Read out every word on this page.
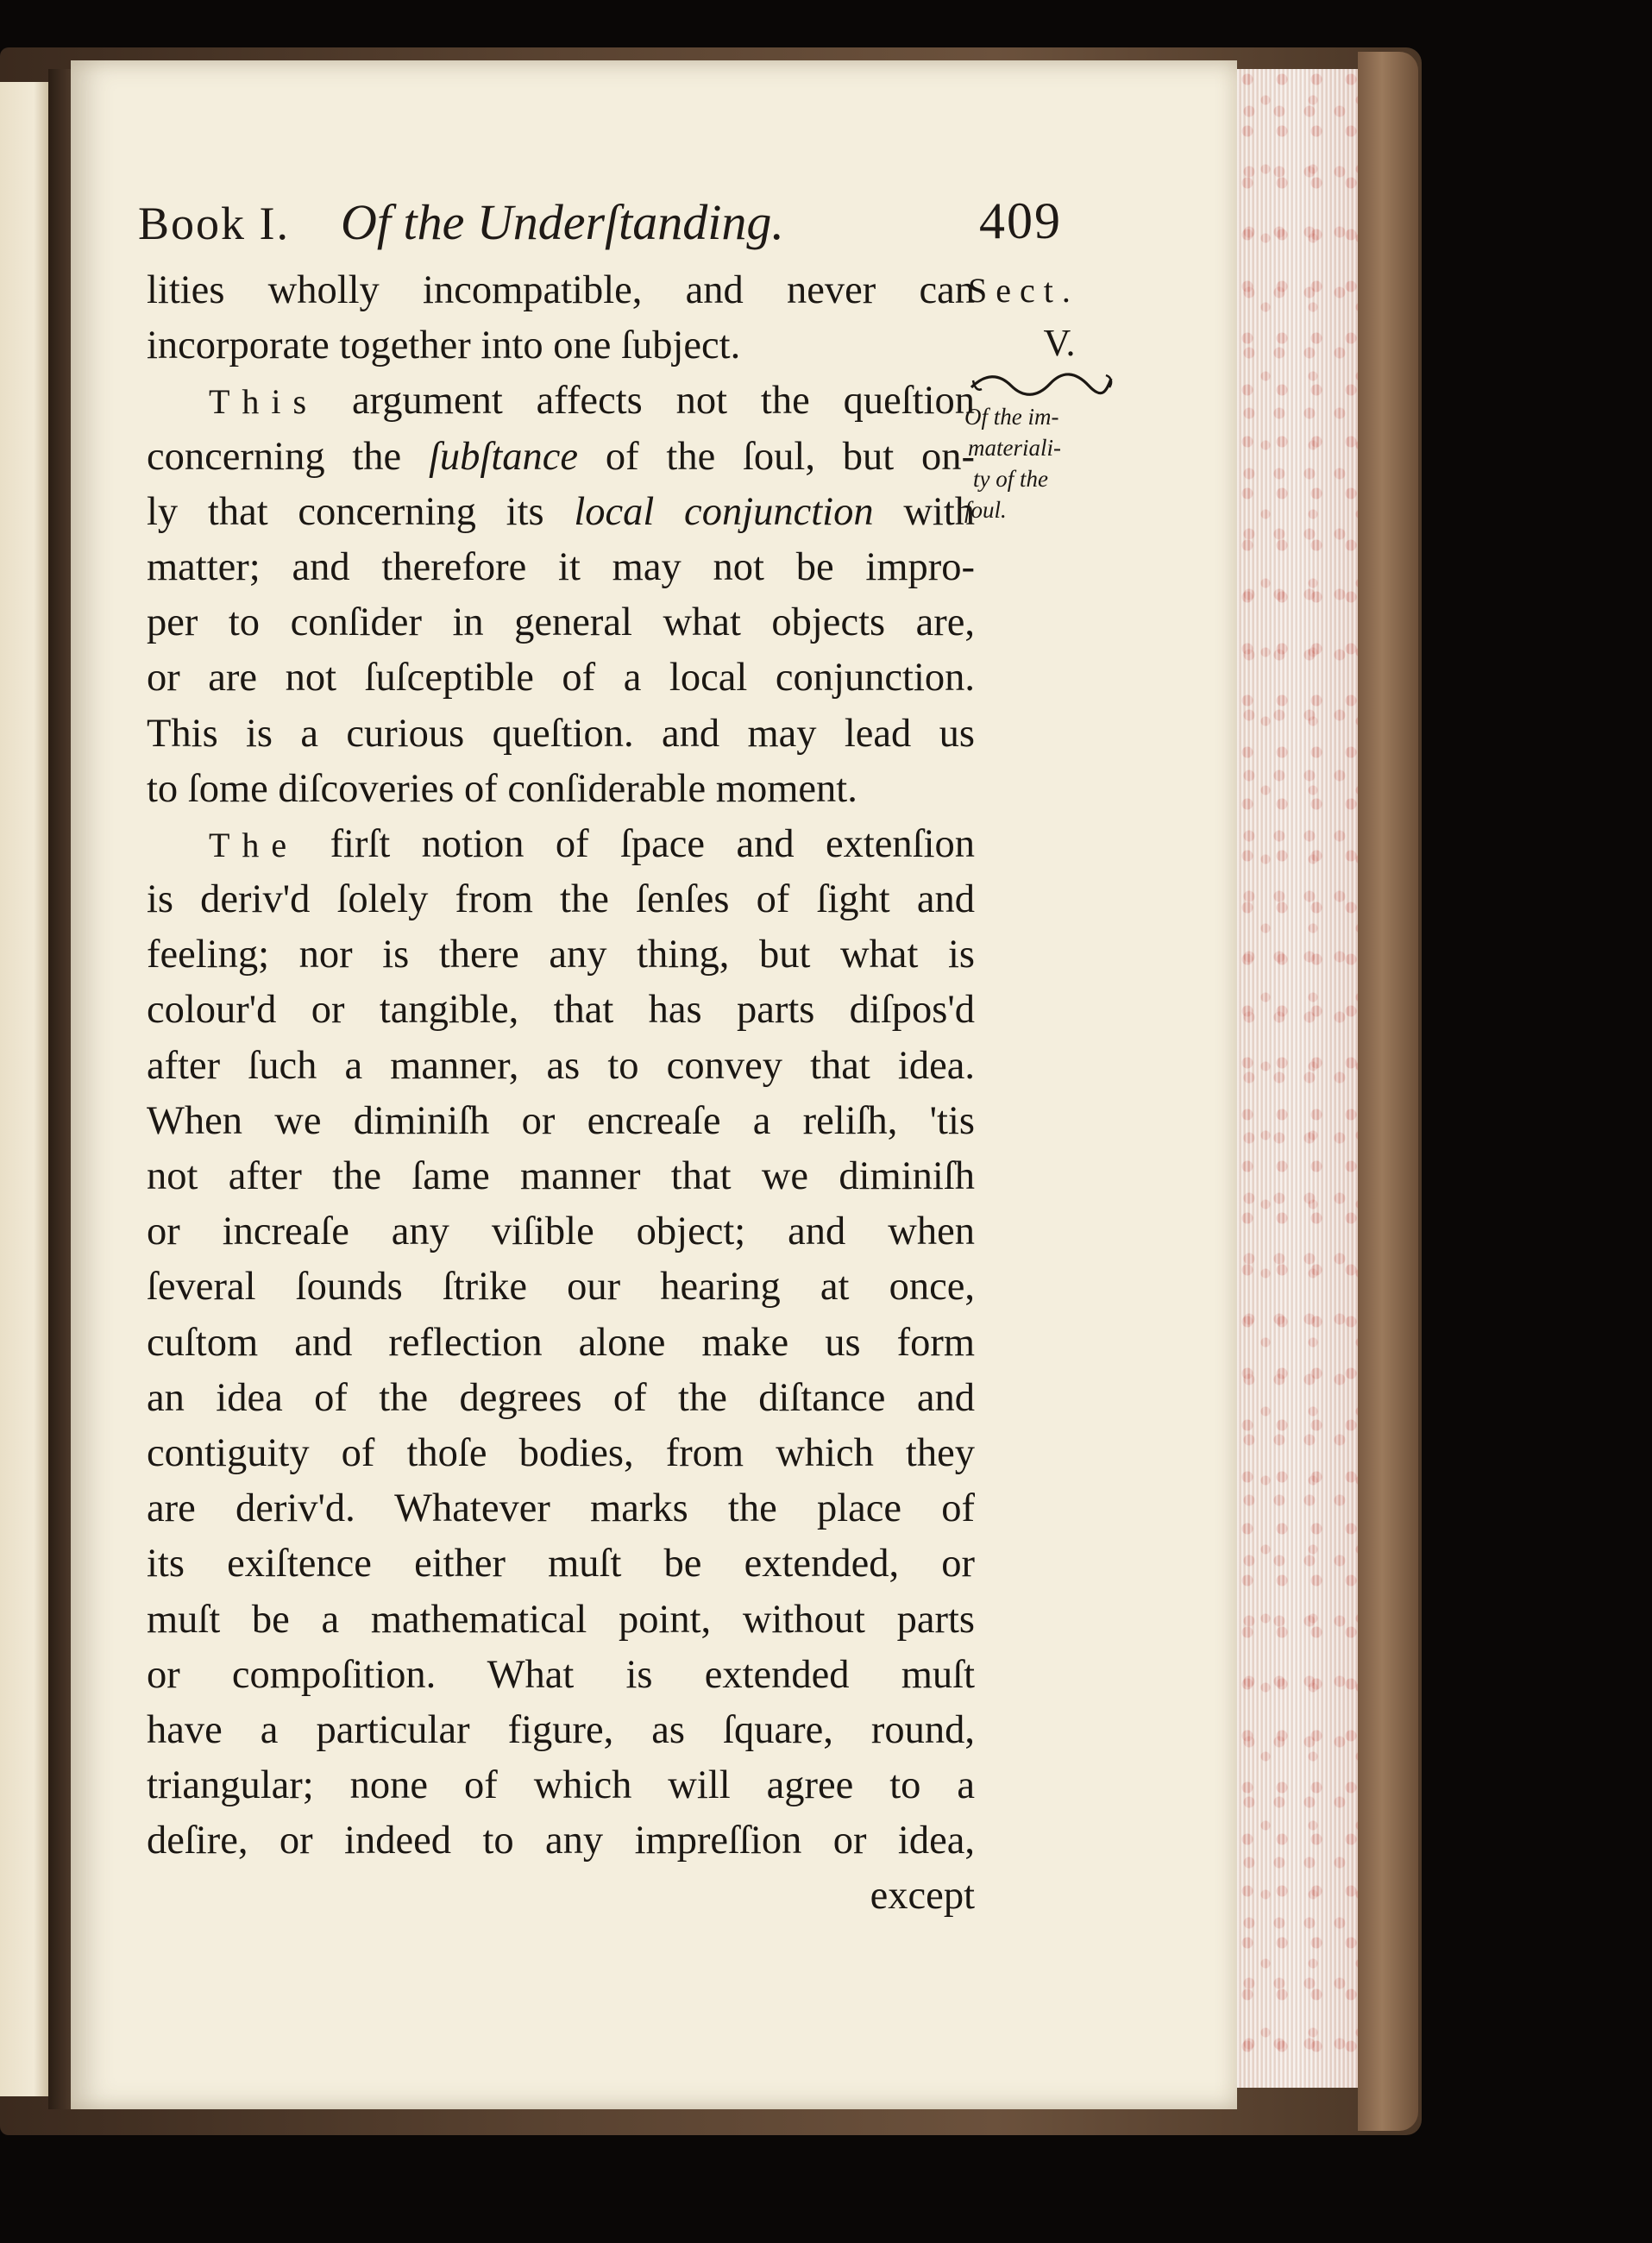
Book I. Of the Underſtanding.	409
Sect.
V.
Of the im-
materiali-
ty of the
ſoul.
lities wholly incompatible, and never can
incorporate together into one ſubject.
This argument affects not the queſtion
concerning the ſubſtance of the ſoul, but on-
ly that concerning its local conjunction with
matter; and therefore it may not be impro-
per to conſider in general what objects are,
or are not ſuſceptible of a local conjunction.
This is a curious queſtion. and may lead us
to ſome diſcoveries of conſiderable moment.
The firſt notion of ſpace and extenſion
is deriv'd ſolely from the ſenſes of ſight and
feeling; nor is there any thing, but what is
colour'd or tangible, that has parts diſpos'd
after ſuch a manner, as to convey that idea.
When we diminiſh or encreaſe a reliſh, 'tis
not after the ſame manner that we diminiſh
or increaſe any viſible object; and when
ſeveral ſounds ſtrike our hearing at once,
cuſtom and reflection alone make us form
an idea of the degrees of the diſtance and
contiguity of thoſe bodies, from which they
are deriv'd. Whatever marks the place of
its exiſtence either muſt be extended, or
muſt be a mathematical point, without parts
or compoſition. What is extended muſt
have a particular figure, as ſquare, round,
triangular; none of which will agree to a
deſire, or indeed to any impreſſion or idea,
except
